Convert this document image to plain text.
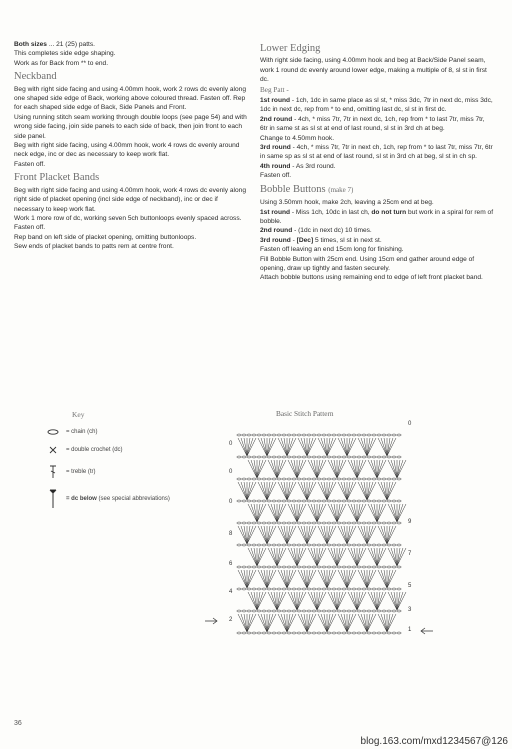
Both sizes ... 21 (25) patts.

This completes side edge shaping.

Work as for Back from ** to end.

Neckband

Beg with right side facing and using 4.00mm hook, work 2 rows dc evenly along one shaped side edge of Back, working above coloured thread. Fasten off. Rep for each shaped side edge of Back, Side Panels and Front.

Using running stitch seam working through double loops (see page 54) and with wrong side facing, join side panels to each side of back, then join front to each side panel.

Beg with right side facing, using 4.00mm hook, work 4 rows dc evenly around neck edge, inc or dec as necessary to keep work flat.

Fasten off.

Front Placket Bands

Beg with right side facing and using 4.00mm hook, work 4 rows dc evenly along right side of placket opening (incl side edge of neckband), inc or dec if necessary to keep work flat.

Work 1 more row of dc, working seven 5ch buttonloops evenly spaced across.

Fasten off.

Rep band on left side of placket opening, omitting buttonloops.

Sew ends of placket bands to patts rem at centre front.

Lower Edging

With right side facing, using 4.00mm hook and beg at Back/Side Panel seam, work 1 round dc evenly around lower edge, making a multiple of 8, sl st in first dc.

Beg Patt -

1st round - 1ch, 1dc in same place as sl st, * miss 3dc, 7tr in next dc, miss 3dc, 1dc in next dc, rep from * to end, omitting last dc, sl st in first dc.

2nd round - 4ch, * miss 7tr, 7tr in next dc, 1ch, rep from * to last 7tr, miss 7tr, 6tr in same st as sl st at end of last round, sl st in 3rd ch at beg.

Change to 4.50mm hook.

3rd round - 4ch, * miss 7tr, 7tr in next ch, 1ch, rep from * to last 7tr, miss 7tr, 6tr in same sp as sl st at end of last round, sl st in 3rd ch at beg, sl st in ch sp.

4th round - As 3rd round.

Fasten off.

Bobble Buttons (make 7)

Using 3.50mm hook, make 2ch, leaving a 25cm end at beg.

1st round - Miss 1ch, 10dc in last ch, do not turn but work in a spiral for rem of bobble.

2nd round - (1dc in next dc) 10 times.

3rd round - [Dec] 5 times, sl st in next st.

Fasten off leaving an end 15cm long for finishing.

Fill Bobble Button with 25cm end. Using 15cm end gather around edge of opening, draw up tightly and fasten securely.

Attach bobble buttons using remaining end to edge of left front placket band.

Key
= chain (ch)
= double crochet (dc)
= treble (tr)
= dc below (see special abbreviations)
Basic Stitch Pattern
0
9
7
5
3
1
0
0
0
8
6
4
2
36
blog.163.com/mxd1234567@126
